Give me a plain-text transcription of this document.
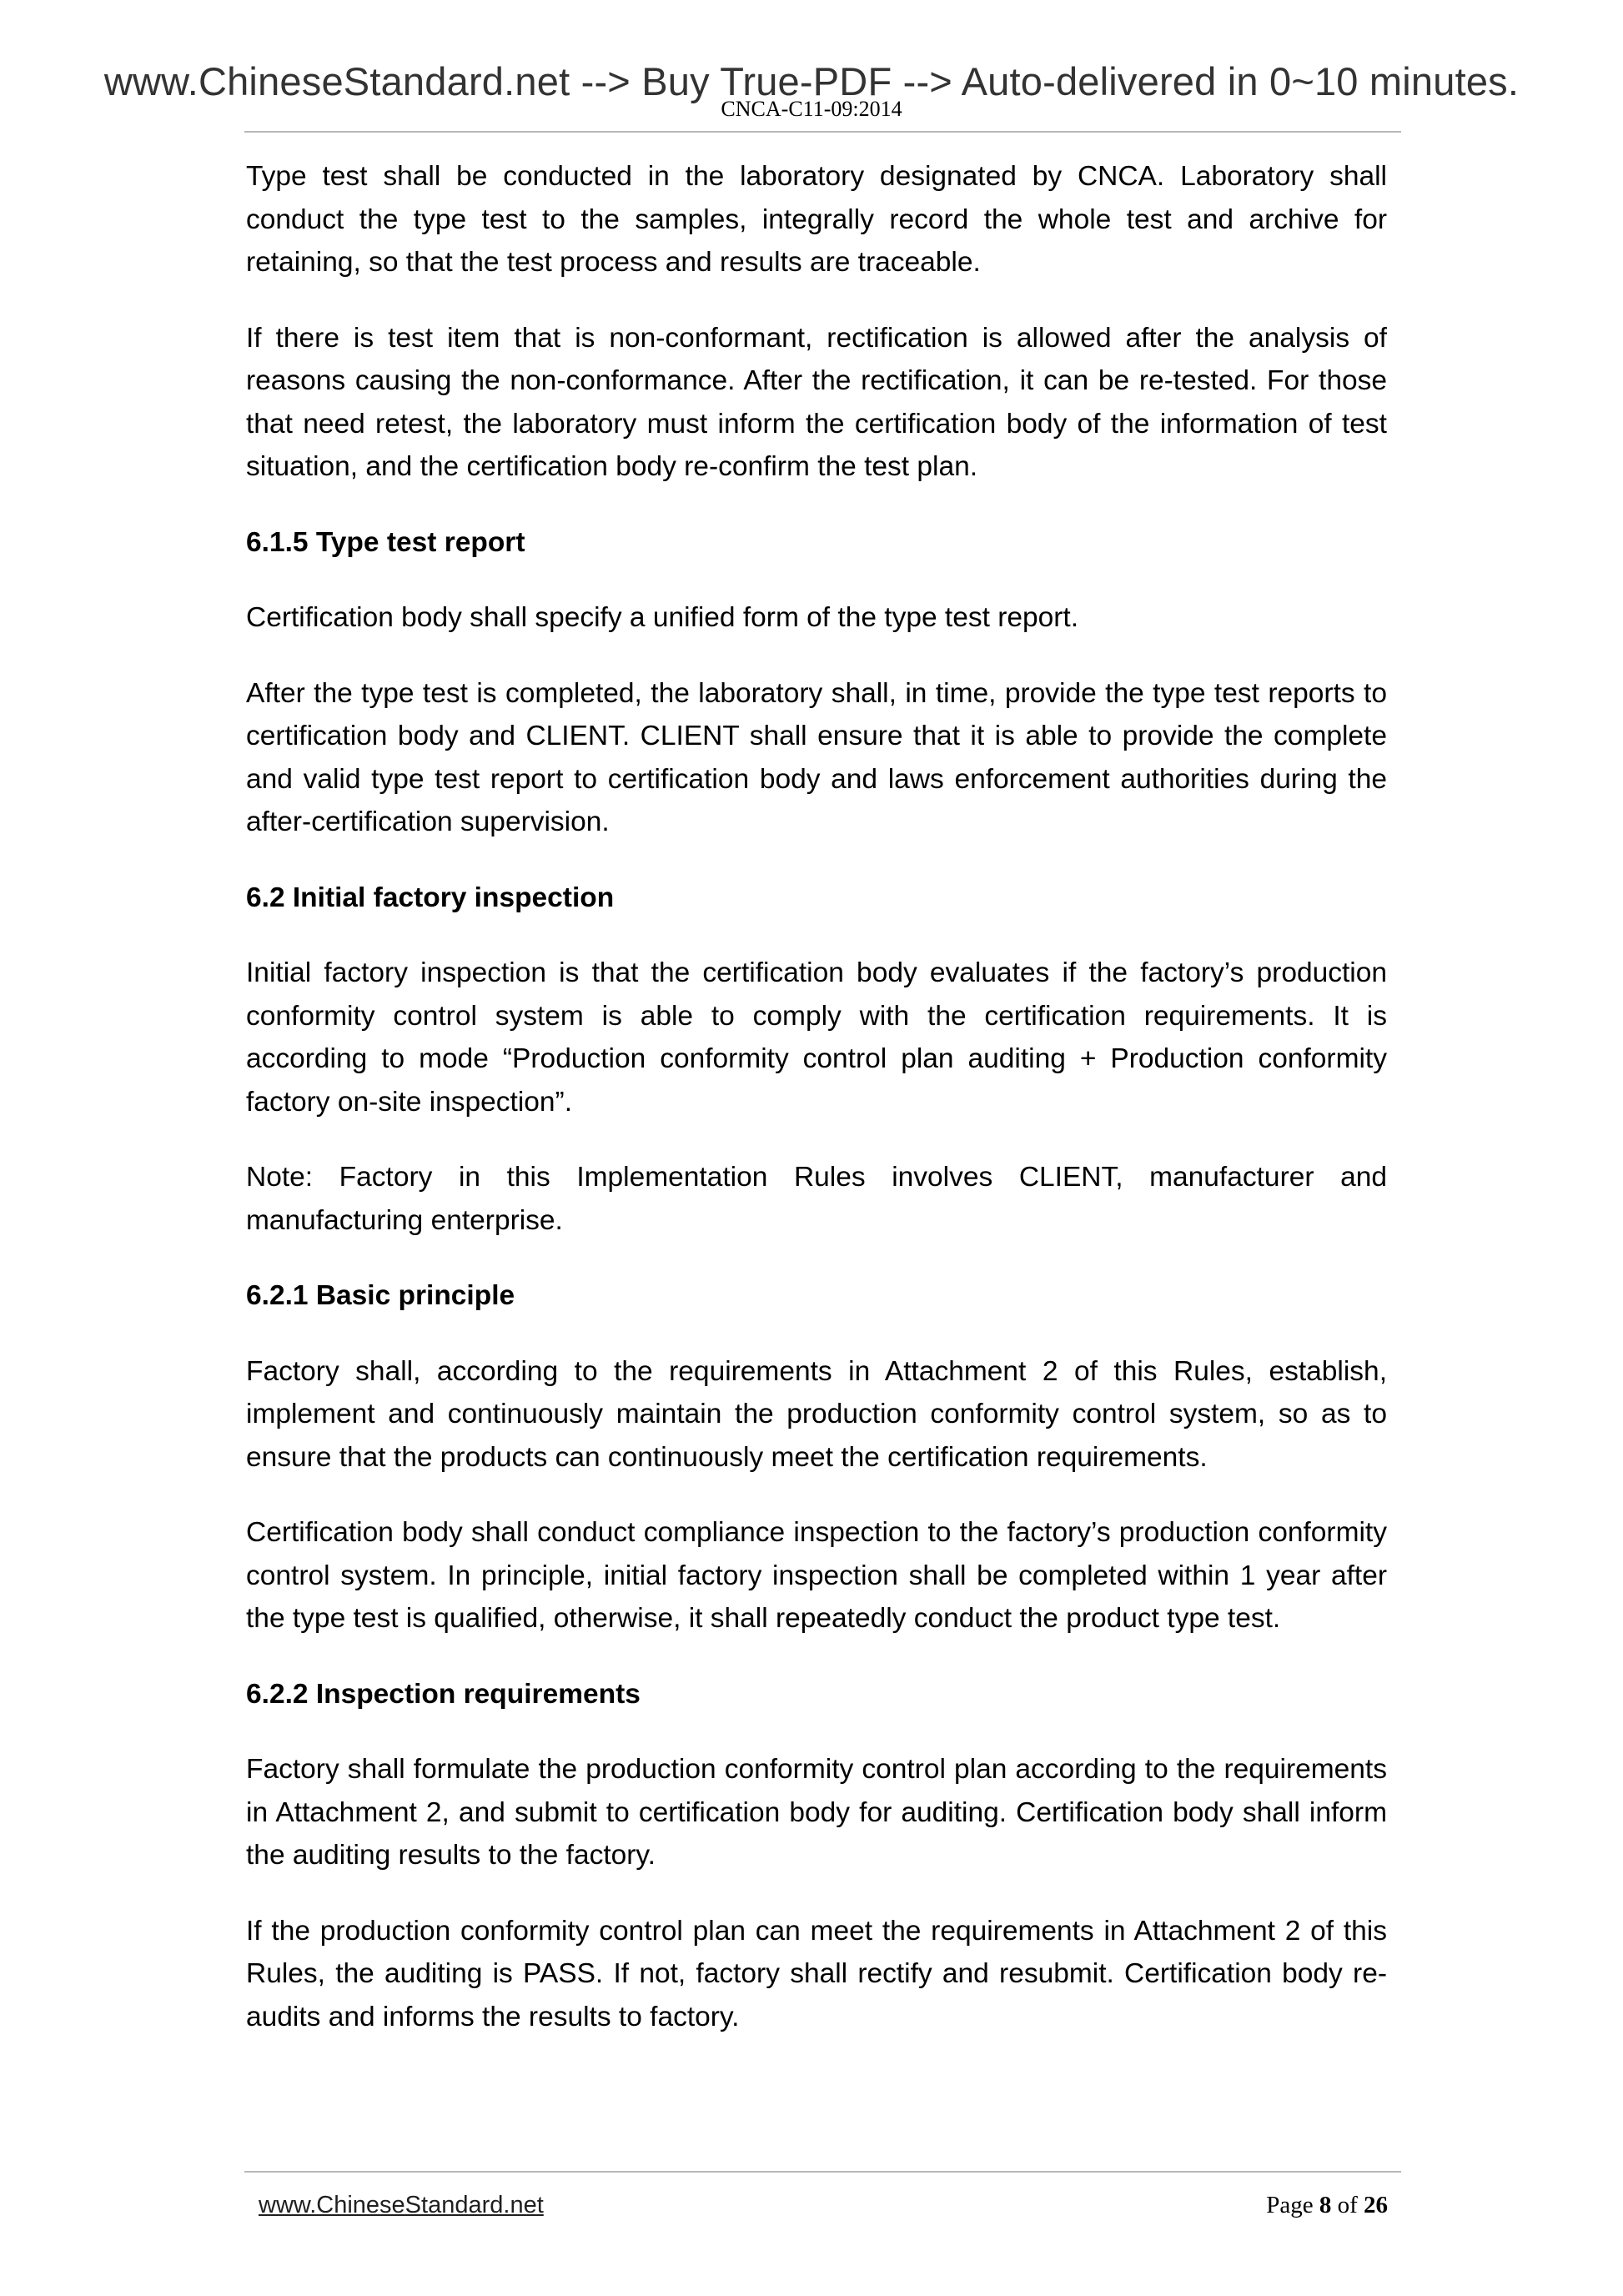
www.ChineseStandard.net --> Buy True-PDF --> Auto-delivered in 0~10 minutes.
CNCA-C11-09:2014

Type test shall be conducted in the laboratory designated by CNCA. Laboratory shall conduct the type test to the samples, integrally record the whole test and archive for retaining, so that the test process and results are traceable.

If there is test item that is non-conformant, rectification is allowed after the analysis of reasons causing the non-conformance. After the rectification, it can be re-tested. For those that need retest, the laboratory must inform the certification body of the information of test situation, and the certification body re-confirm the test plan.

6.1.5 Type test report

Certification body shall specify a unified form of the type test report.

After the type test is completed, the laboratory shall, in time, provide the type test reports to certification body and CLIENT. CLIENT shall ensure that it is able to provide the complete and valid type test report to certification body and laws enforcement authorities during the after-certification supervision.

6.2 Initial factory inspection

Initial factory inspection is that the certification body evaluates if the factory’s production conformity control system is able to comply with the certification requirements. It is according to mode “Production conformity control plan auditing + Production conformity factory on-site inspection”.

Note: Factory in this Implementation Rules involves CLIENT, manufacturer and manufacturing enterprise.

6.2.1 Basic principle

Factory shall, according to the requirements in Attachment 2 of this Rules, establish, implement and continuously maintain the production conformity control system, so as to ensure that the products can continuously meet the certification requirements.

Certification body shall conduct compliance inspection to the factory’s production conformity control system. In principle, initial factory inspection shall be completed within 1 year after the type test is qualified, otherwise, it shall repeatedly conduct the product type test.

6.2.2 Inspection requirements

Factory shall formulate the production conformity control plan according to the requirements in Attachment 2, and submit to certification body for auditing. Certification body shall inform the auditing results to the factory.

If the production conformity control plan can meet the requirements in Attachment 2 of this Rules, the auditing is PASS. If not, factory shall rectify and resubmit. Certification body re-audits and informs the results to factory.

www.ChineseStandard.net	Page 8 of 26
